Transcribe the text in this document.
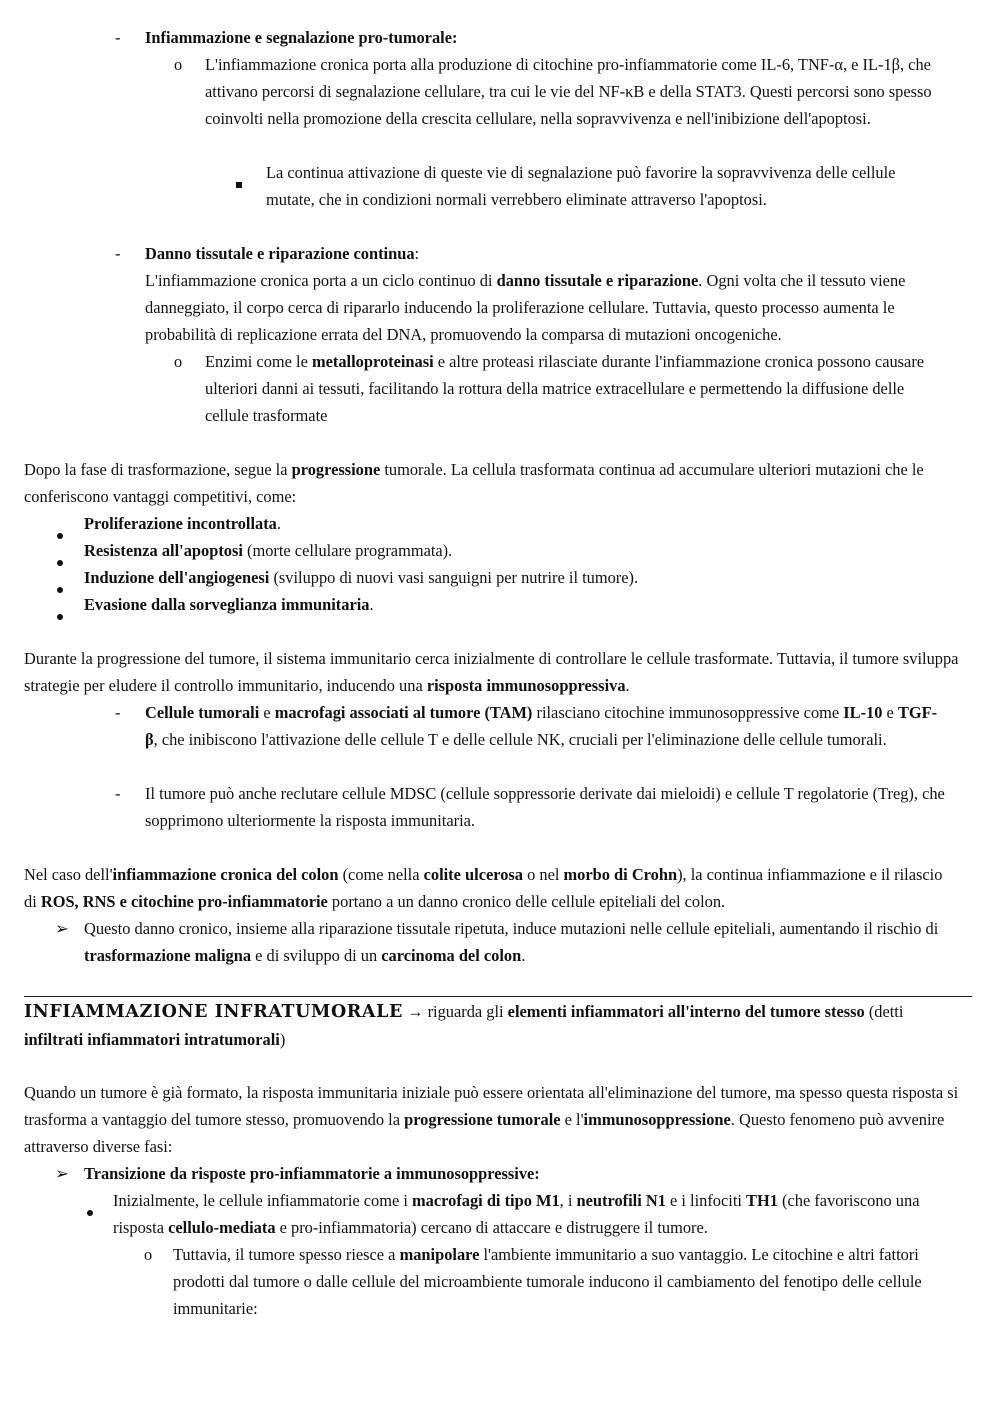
- Infiammazione e segnalazione pro-tumorale:
o L'infiammazione cronica porta alla produzione di citochine pro-infiammatorie come IL-6, TNF-α, e IL-1β, che attivano percorsi di segnalazione cellulare, tra cui le vie del NF-κB e della STAT3. Questi percorsi sono spesso coinvolti nella promozione della crescita cellulare, nella sopravvivenza e nell'inibizione dell'apoptosi.
La continua attivazione di queste vie di segnalazione può favorire la sopravvivenza delle cellule mutate, che in condizioni normali verrebbero eliminate attraverso l'apoptosi.
- Danno tissutale e riparazione continua:
L'infiammazione cronica porta a un ciclo continuo di danno tissutale e riparazione. Ogni volta che il tessuto viene danneggiato, il corpo cerca di ripararlo inducendo la proliferazione cellulare. Tuttavia, questo processo aumenta le probabilità di replicazione errata del DNA, promuovendo la comparsa di mutazioni oncogeniche.
o Enzimi come le metalloproteinasi e altre proteasi rilasciate durante l'infiammazione cronica possono causare ulteriori danni ai tessuti, facilitando la rottura della matrice extracellulare e permettendo la diffusione delle cellule trasformate
Dopo la fase di trasformazione, segue la progressione tumorale. La cellula trasformata continua ad accumulare ulteriori mutazioni che le conferiscono vantaggi competitivi, come:
Proliferazione incontrollata.
Resistenza all'apoptosi (morte cellulare programmata).
Induzione dell'angiogenesi (sviluppo di nuovi vasi sanguigni per nutrire il tumore).
Evasione dalla sorveglianza immunitaria.
Durante la progressione del tumore, il sistema immunitario cerca inizialmente di controllare le cellule trasformate. Tuttavia, il tumore sviluppa strategie per eludere il controllo immunitario, inducendo una risposta immunosoppressiva.
- Cellule tumorali e macrofagi associati al tumore (TAM) rilasciano citochine immunosoppressive come IL-10 e TGF-β, che inibiscono l'attivazione delle cellule T e delle cellule NK, cruciali per l'eliminazione delle cellule tumorali.
- Il tumore può anche reclutare cellule MDSC (cellule soppressorie derivate dai mieloidi) e cellule T regolatorie (Treg), che sopprimono ulteriormente la risposta immunitaria.
Nel caso dell'infiammazione cronica del colon (come nella colite ulcerosa o nel morbo di Crohn), la continua infiammazione e il rilascio di ROS, RNS e citochine pro-infiammatorie portano a un danno cronico delle cellule epiteliali del colon.
➢ Questo danno cronico, insieme alla riparazione tissutale ripetuta, induce mutazioni nelle cellule epiteliali, aumentando il rischio di trasformazione maligna e di sviluppo di un carcinoma del colon.
INFIAMMAZIONE INFRATUMORALE → riguarda gli elementi infiammatori all'interno del tumore stesso (detti infiltrati infiammatori intratumorali)
Quando un tumore è già formato, la risposta immunitaria iniziale può essere orientata all'eliminazione del tumore, ma spesso questa risposta si trasforma a vantaggio del tumore stesso, promuovendo la progressione tumorale e l'immunosoppressione. Questo fenomeno può avvenire attraverso diverse fasi:
➢ Transizione da risposte pro-infiammatorie a immunosoppressive:
Inizialmente, le cellule infiammatorie come i macrofagi di tipo M1, i neutrofili N1 e i linfociti TH1 (che favoriscono una risposta cellulo-mediata e pro-infiammatoria) cercano di attaccare e distruggere il tumore.
o Tuttavia, il tumore spesso riesce a manipolare l'ambiente immunitario a suo vantaggio. Le citochine e altri fattori prodotti dal tumore o dalle cellule del microambiente tumorale inducono il cambiamento del fenotipo delle cellule immunitarie:
